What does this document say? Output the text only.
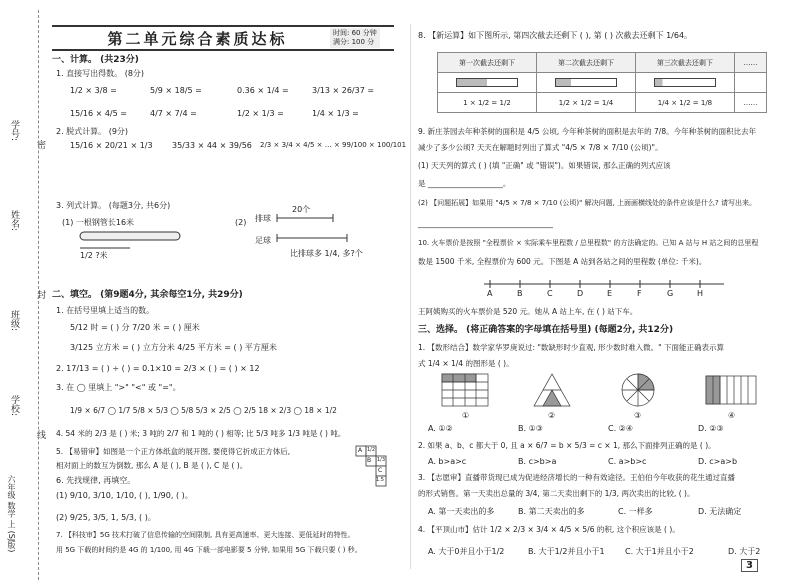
学号:
姓名:
班级:
学校:
密
封
线
六年级 数学 上 (SJ版)
第二单元综合素质达标	时间: 60 分钟
满分: 100 分
一、计算。 (共23分)
1. 直接写出得数。 (8分)
1/2 × 3/8 =	5/9 × 18/5 =	0.36 × 1/4 =	3/13 × 26/37 =
15/16 × 4/5 =	4/7 × 7/4 =	1/2 × 1/3 =	1/4 × 1/3 =
2. 脱式计算。 (9分)
15/16 × 20/21 × 1/3 35/33 × 44 × 39/56 2/3 × 3/4 × 4/5 × … × 99/100 × 100/101
3. 列式计算。 (每题3分, 共6分)
(1) 一根钢管长16米
1/2 ?米
(2) 排球
足球
20个
比排球多 1/4, 多?个
二、填空。 (第9题4分, 其余每空1分, 共29分)
1. 在括号里填上适当的数。
5/12 时 = ( ) 分 7/20 米 = ( ) 厘米
3/125 立方米 = ( ) 立方分米 4/25 平方米 = ( ) 平方厘米
2. 17/13 = ( ) ÷ ( ) = 0.1×10 = 2/3 × ( ) = ( ) × 12
3. 在 ◯ 里填上 ">" "<" 或 "="。
1/9 × 6/7 ◯ 1/7 5/8 × 5/3 ◯ 5/8 5/3 × 2/5 ◯ 2/5 18 × 2/3 ◯ 18 × 1/2
4. 54 米的 2/3 是 ( ) 米; 3 吨的 2/7 和 1 吨的 ( ) 相等; 比 5/3 吨多 1/3 吨是 ( ) 吨。
5. 【易错审】如图是一个正方体纸盒的展开图, 要使得它折成正方体后,
相对面上的数互为倒数, 那么 A 是 ( ), B 是 ( ), C 是 ( )。
6. 先找规律, 再填空。
(1) 9/10, 3/10, 1/10, ( ), 1/90, ( )。
(2) 9/25, 3/5, 1, 5/3, ( )。
7. 【科技审】5G 技术打破了信息传输的空间限制, 具有更高速率、更大连接、更低延时的特性。
用 5G 下载的时间约是 4G 的 1/100, 用 4G 下载一部电影要 5 分钟, 如果用 5G 下载只要 ( ) 秒。
A 1/2
1/3
B
C
1.5
8. 【新运算】如下图所示, 第四次截去还剩下 ( ), 第 ( ) 次截去还剩下 1/64。
第一次截去还剩下	第二次截去还剩下	第三次截去还剩下	……

1 × 1/2 = 1/2	1/2 × 1/2 = 1/4	1/4 × 1/2 = 1/8	……
9. 新庄茶园去年种茶树的面积是 4/5 公顷, 今年种茶树的面积是去年的 7/8。今年种茶树的面积比去年
减少了多少公顷? 天天在解题时列出了算式 "4/5 × 7/8 × 7/10 (公顷)"。
(1) 天天列的算式 ( ) (填 "正确" 或 "错误")。如果错误, 那么正确的列式应该
是 ____________________。
(2) 【问题拓展】如果用 "4/5 × 7/8 × 7/10 (公顷)" 解决问题, 上面画横线处的条件应该是什么? 请写出来。
____________________________________
10. 火车票价是按照 "全程票价 × 实际乘车里程数 / 总里程数" 的方法确定的。已知 A 站与 H 站之间的总里程
数是 1500 千米, 全程票价为 600 元。下图是 A 站到各站之间的里程数 (单位: 千米)。
A	B	C	D	E	F	G	H
王阿姨购买的火车票价是 520 元。她从 A 站上车, 在 ( ) 站下车。
三、选择。 (将正确答案的字母填在括号里) (每题2分, 共12分)
1. 【数形结合】数学家华罗庚说过: "数缺形时少直观, 形少数时难入微。" 下面能正确表示算
式 1/4 × 1/4 的图形是 ( )。
①	②	③	④
A. ①②	B. ①③	C. ②④	D. ②③
2. 如果 a、b、c 都大于 0, 且 a × 6/7 = b × 5/3 = c × 1, 那么下面排列正确的是 ( )。
A. b>a>c	B. c>b>a	C. a>b>c	D. c>a>b
3. 【志愿审】直播带货现已成为促进经济增长的一种有效途径。王伯伯今年收获的花生通过直播
的形式销售。第一天卖出总量的 3/4, 第二天卖出剩下的 1/3, 两次卖出的比较, ( )。
A. 第一天卖出的多	B. 第二天卖出的多	C. 一样多	D. 无法确定
4. 【平顶山市】估计 1/2 × 2/3 × 3/4 × 4/5 × 5/6 的积, 这个积应该是 ( )。
A. 大于0并且小于1/2	B. 大于1/2并且小于1	C. 大于1并且小于2	D. 大于2
3
